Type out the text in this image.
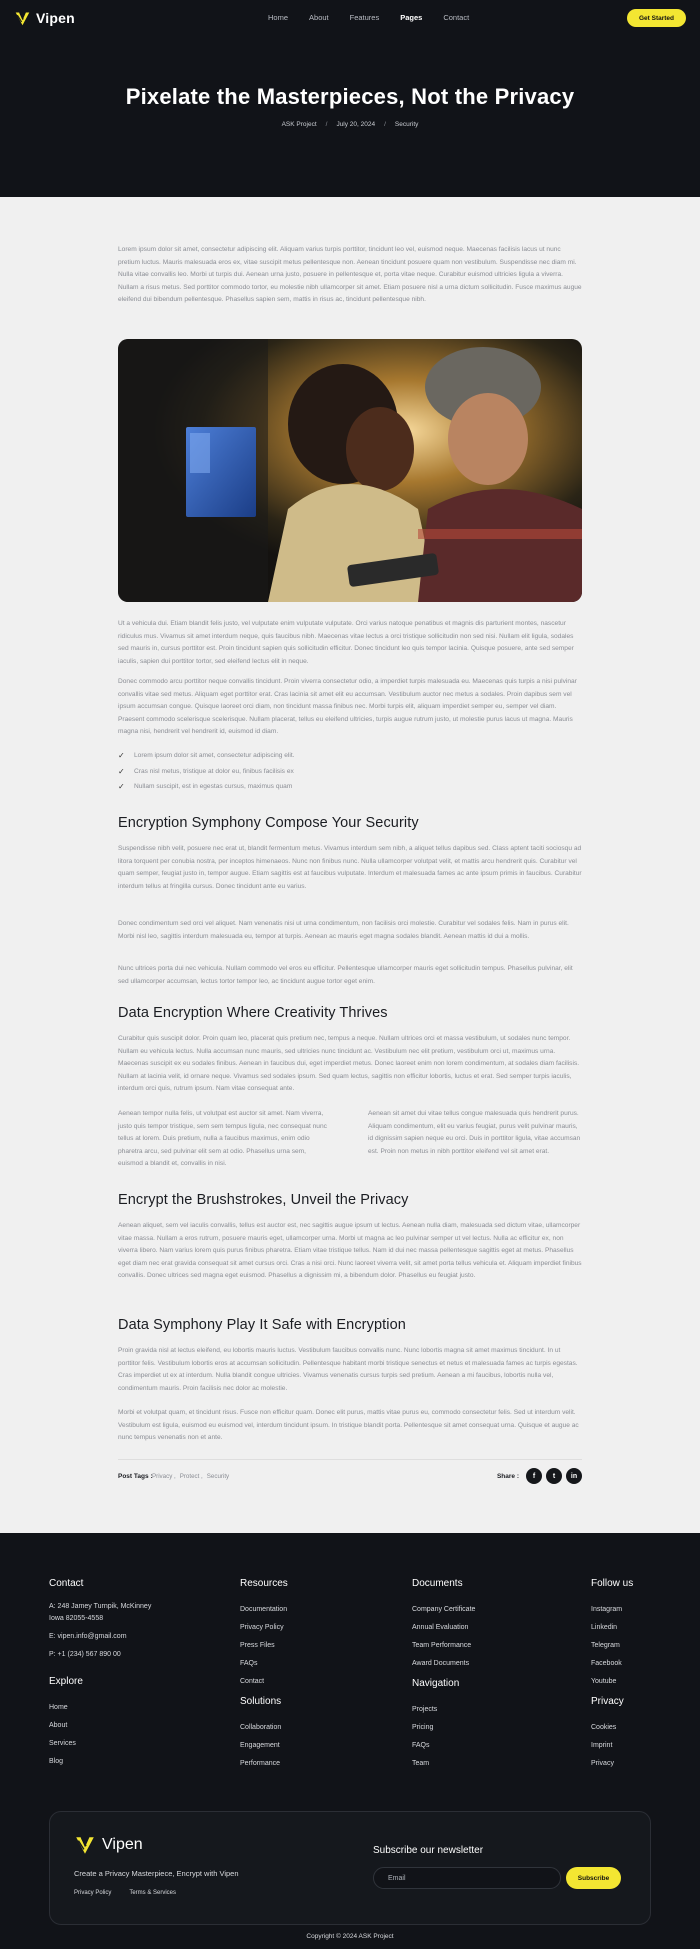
Vipen	Home	About	Features	Pages	Contact	Get Started
Pixelate the Masterpieces, Not the Privacy
ASK Project / July 20, 2024 / Security

Lorem ipsum dolor sit amet, consectetur adipiscing elit. Aliquam varius turpis porttitor, tincidunt leo vel, euismod neque. Maecenas facilisis lacus ut nunc pretium luctus. Mauris malesuada eros ex, vitae suscipit metus pellentesque non. Aenean tincidunt posuere quam non vestibulum. Suspendisse nec diam mi. Nulla vitae convallis leo. Morbi ut turpis dui. Aenean urna justo, posuere in pellentesque et, porta vitae neque. Curabitur euismod ultricies ligula a viverra. Nullam a risus metus. Sed porttitor commodo tortor, eu molestie nibh ullamcorper sit amet. Etiam posuere nisl a urna dictum sollicitudin. Fusce maximus augue eleifend dui bibendum pellentesque. Phasellus sapien sem, mattis in risus ac, tincidunt pellentesque nibh.

Ut a vehicula dui. Etiam blandit felis justo, vel vulputate enim vulputate vulputate. Orci varius natoque penatibus et magnis dis parturient montes, nascetur ridiculus mus. Vivamus sit amet interdum neque, quis faucibus nibh. Maecenas vitae lectus a orci tristique sollicitudin non sed nisi. Nullam elit ligula, sodales sed mauris in, cursus porttitor est. Proin tincidunt sapien quis sollicitudin efficitur. Donec tincidunt leo quis tempor lacinia. Quisque posuere, ante sed semper iaculis, sapien dui porttitor tortor, sed eleifend lectus elit in neque.

Donec commodo arcu porttitor neque convallis tincidunt. Proin viverra consectetur odio, a imperdiet turpis malesuada eu. Maecenas quis turpis a nisi pulvinar convallis vitae sed metus. Aliquam eget porttitor erat. Cras lacinia sit amet elit eu accumsan. Vestibulum auctor nec metus a sodales. Proin dapibus sem vel ipsum accumsan congue. Quisque laoreet orci diam, non tincidunt massa finibus nec. Morbi turpis elit, aliquam imperdiet semper eu, semper vel diam. Praesent commodo scelerisque scelerisque. Nullam placerat, tellus eu eleifend ultricies, turpis augue rutrum justo, ut molestie purus lacus ut magna. Mauris magna nisi, hendrerit vel hendrerit id, euismod id diam.

✓	Lorem ipsum dolor sit amet, consectetur adipiscing elit.
✓	Cras nisl metus, tristique at dolor eu, finibus facilisis ex
✓	Nullam suscipit, est in egestas cursus, maximus quam
Encryption Symphony Compose Your Security

Suspendisse nibh velit, posuere nec erat ut, blandit fermentum metus. Vivamus interdum sem nibh, a aliquet tellus dapibus sed. Class aptent taciti sociosqu ad litora torquent per conubia nostra, per inceptos himenaeos. Nunc non finibus nunc. Nulla ullamcorper volutpat velit, et mattis arcu hendrerit quis. Curabitur vel quam semper, feugiat justo in, tempor augue. Etiam sagittis est at faucibus vulputate. Interdum et malesuada fames ac ante ipsum primis in faucibus. Curabitur interdum tellus at fringilla cursus. Donec tincidunt ante eu varius.

Donec condimentum sed orci vel aliquet. Nam venenatis nisi ut urna condimentum, non facilisis orci molestie. Curabitur vel sodales felis. Nam in purus elit. Morbi nisl leo, sagittis interdum malesuada eu, tempor at turpis. Aenean ac mauris eget magna sodales blandit. Aenean mattis id dui a mollis.

Nunc ultrices porta dui nec vehicula. Nullam commodo vel eros eu efficitur. Pellentesque ullamcorper mauris eget sollicitudin tempus. Phasellus pulvinar, elit sed ullamcorper accumsan, lectus tortor tempor leo, ac tincidunt augue tortor eget enim.

Data Encryption Where Creativity Thrives

Curabitur quis suscipit dolor. Proin quam leo, placerat quis pretium nec, tempus a neque. Nullam ultrices orci et massa vestibulum, ut sodales nunc tempor. Nullam eu vehicula lectus. Nulla accumsan nunc mauris, sed ultricies nunc tincidunt ac. Vestibulum nec elit pretium, vestibulum orci ut, maximus urna. Maecenas suscipit ex eu sodales finibus. Aenean in faucibus dui, eget imperdiet metus. Donec laoreet enim non lorem condimentum, at sodales diam facilisis. Nullam at lacinia velit, id ornare neque. Vivamus sed sodales ipsum. Sed quam lectus, sagittis non efficitur lobortis, luctus et erat. Sed semper turpis iaculis, interdum orci quis, rutrum ipsum. Nam vitae consequat ante.

Aenean tempor nulla felis, ut volutpat est auctor sit amet. Nam viverra, justo quis tempor tristique, sem sem tempus ligula, nec consequat nunc tellus at lorem. Duis pretium, nulla a faucibus maximus, enim odio pharetra arcu, sed pulvinar elit sem at odio. Phasellus urna sem, euismod a blandit et, convallis in nisi.

Aenean sit amet dui vitae tellus congue malesuada quis hendrerit purus. Aliquam condimentum, elit eu varius feugiat, purus velit pulvinar mauris, id dignissim sapien neque eu orci. Duis in porttitor ligula, vitae accumsan est. Proin non metus in nibh porttitor eleifend vel sit amet erat.

Encrypt the Brushstrokes, Unveil the Privacy

Aenean aliquet, sem vel iaculis convallis, tellus est auctor est, nec sagittis augue ipsum ut lectus. Aenean nulla diam, malesuada sed dictum vitae, ullamcorper vitae massa. Nullam a eros rutrum, posuere mauris eget, ullamcorper urna. Morbi ut magna ac leo pulvinar semper ut vel lectus. Nulla ac efficitur ex, non viverra libero. Nam varius lorem quis purus finibus pharetra. Etiam vitae tristique tellus. Nam id dui nec massa pellentesque sagittis eget at metus. Phasellus eget diam nec erat gravida consequat sit amet cursus orci. Cras a nisi orci. Nunc laoreet viverra velit, sit amet porta tellus vehicula et. Aliquam imperdiet finibus convallis. Donec ultrices sed magna eget euismod. Phasellus a dignissim mi, a bibendum dolor. Phasellus eu feugiat justo.

Data Symphony Play It Safe with Encryption

Proin gravida nisl at lectus eleifend, eu lobortis mauris luctus. Vestibulum faucibus convallis nunc. Nunc lobortis magna sit amet maximus tincidunt. In ut porttitor felis. Vestibulum lobortis eros at accumsan sollicitudin. Pellentesque habitant morbi tristique senectus et netus et malesuada fames ac turpis egestas. Cras imperdiet ut ex at interdum. Nulla blandit congue ultricies. Vivamus venenatis cursus turpis sed pretium. Aenean a mi faucibus, lobortis nulla vel, condimentum mauris. Proin facilisis nec dolor ac molestie.

Morbi et volutpat quam, et tincidunt risus. Fusce non efficitur quam. Donec elit purus, mattis vitae purus eu, commodo consectetur felis. Sed ut interdum velit. Vestibulum est ligula, euismod eu euismod vel, interdum tincidunt ipsum. In tristique blandit porta. Pellentesque sit amet consequat urna. Quisque et augue ac nunc tempus venenatis non et ante.

Post Tags : Privacy , Protect , Security	Share :	f	t	in
Contact
A: 248 Jamey Turnpik, McKinney
Iowa 82055-4558
E: vipen.info@gmail.com
P: +1 (234) 567 890 00
Explore
Home
About
Services
Blog
Resources
Documentation
Privacy Policy
Press Files
FAQs
Contact
Solutions
Collaboration
Engagement
Performance
Documents
Company Certificate
Annual Evaluation
Team Performance
Award Documents
Navigation
Projects
Pricing
FAQs
Team
Follow us
Instagram
Linkedin
Telegram
Facebook
Youtube
Privacy
Cookies
Imprint
Privacy
Vipen
Create a Privacy Masterpiece, Encrypt with Vipen
Privacy Policy	Terms & Services
Subscribe our newsletter
Email	Subscribe
Copyright © 2024 ASK Project
